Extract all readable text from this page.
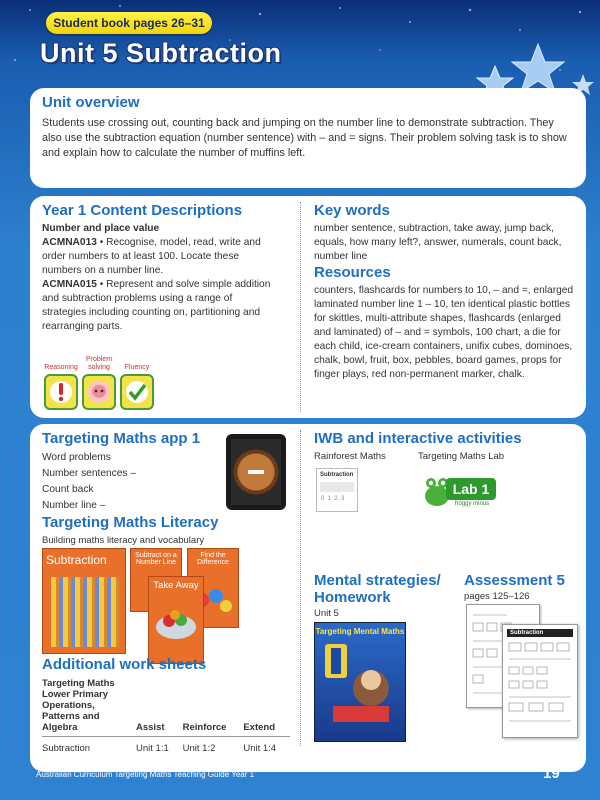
Student book pages 26–31
Unit 5 Subtraction
Unit overview

Students use crossing out, counting back and jumping on the number line to demonstrate subtraction. They also use the subtraction equation (number sentence) with – and = signs. Their problem solving task is to show and explain how to calculate the number of muffins left.

Year 1 Content Descriptions
Number and place value

ACMNA013 • Recognise, model, read, write and order numbers to at least 100. Locate these numbers on a number line.

ACMNA015 • Represent and solve simple addition and subtraction problems using a range of strategies including counting on, partitioning and rearranging parts.

Reasoning
Problem solving	Fluency
Key words

number sentence, subtraction, take away, jump back, equals, how many left?, answer, numerals, count back, number line

Resources

counters, flashcards for numbers to 10, – and =, enlarged laminated number line 1 – 10, ten identical plastic bottles for skittles, multi-attribute shapes, flashcards (enlarged and laminated) of – and = symbols, 100 chart, a die for each child, ice-cream containers, unifix cubes, dominoes, chalk, bowl, fruit, box, pebbles, board games, props for finger plays, red non-permanent marker, chalk.

Targeting Maths app 1
Word problems
Number sentences –
Count back
Number line –
Targeting Maths Literacy
Building maths literacy and vocabulary
Subtraction	Subtract on a Number Line
Find the Difference
Take Away
Additional work sheets
Targeting Maths Lower Primary Operations, Patterns and Algebra	Assist	Reinforce	Extend
Subtraction	Unit 1:1	Unit 1:2	Unit 1:4
IWB and interactive activities
Rainforest Maths	Targeting Maths Lab
Subtraction
0  1  2  3
Lab 1
froggy minus
Mental strategies/
Homework
Unit 5
Targeting Mental Maths
Assessment 5
pages 125–126
Subtraction
Australian Curriculum Targeting Maths Teaching Guide Year 1	19
